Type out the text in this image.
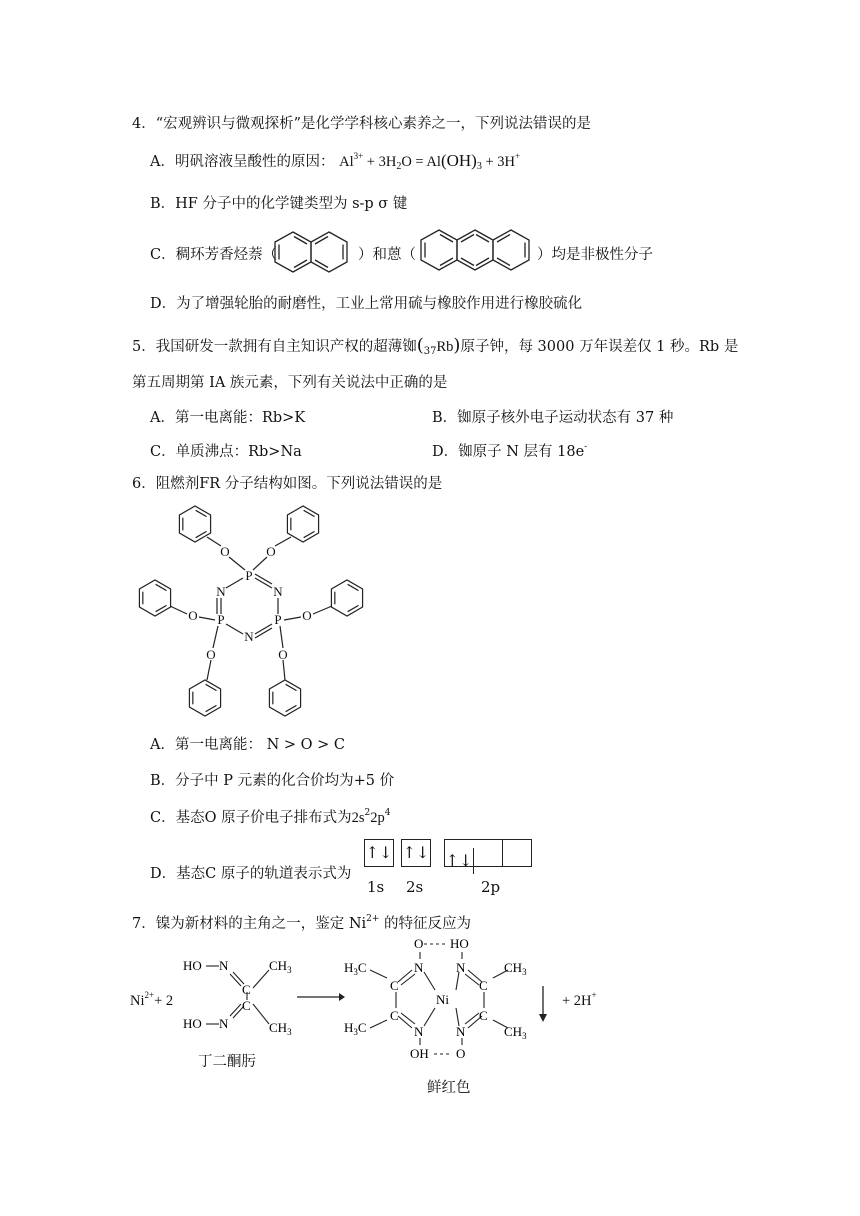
4．“宏观辨识与微观探析”是化学学科核心素养之一，下列说法错误的是
A．明矾溶液呈酸性的原因： $Al^{3+} + 3H_2O = Al(OH)_3 + 3H^+$
B．HF 分子中的化学键类型为 s-p σ 键
C．稠环芳香烃萘（	）和蒽（	）均是非极性分子
D．为了增强轮胎的耐磨性，工业上常用硫与橡胶作用进行橡胶硫化
5．我国研发一款拥有自主知识产权的超薄铷$(_{37}Rb)$原子钟，每 3000 万年误差仅 1 秒。Rb 是
第五周期第 IA 族元素，下列有关说法中正确的是
A．第一电离能：Rb>K	B．铷原子核外电子运动状态有 37 种
C．单质沸点：Rb>Na	D．铷原子 N 层有 18e-
6．阻燃剂FR 分子结构如图。下列说法错误的是
P
N
P
N
P
N
O	O
O	O
O	O
A．第一电离能： N > O > C
B．分子中 P 元素的化合价均为+5 价
C．基态O 原子价电子排布式为$2s^22p^4$
D．基态C 原子的轨道表示式为
↑↓ ↑↓ ↑↓
1s 2s	2p
7．镍为新材料的主角之一，鉴定 $Ni^{2+}$ 的特征反应为
$Ni^{2+}+ 2$
HO N
C
C
N
HO
$CH_3$
$CH_3$
丁二酮肟
O HO
N	N
$H_3C$	$CH_3$
C	C
Ni
C	C
$H_3C$	$CH_3$
N	N
OH O
鲜红色
+ 2H+
